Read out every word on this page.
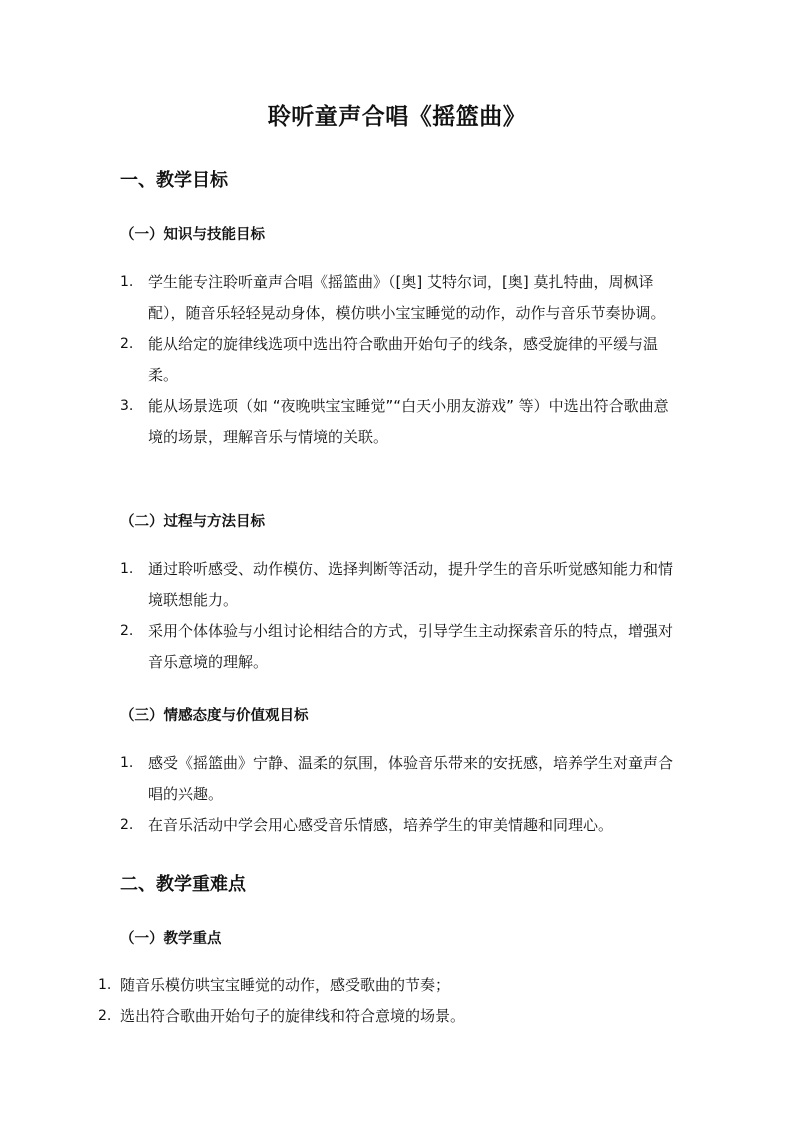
聆听童声合唱《摇篮曲》
一、教学目标
（一）知识与技能目标
1. 学生能专注聆听童声合唱《摇篮曲》（[奥] 艾特尔词，[奥] 莫扎特曲，周枫译配），随音乐轻轻晃动身体，模仿哄小宝宝睡觉的动作，动作与音乐节奏协调。
2. 能从给定的旋律线选项中选出符合歌曲开始句子的线条，感受旋律的平缓与温柔。
3. 能从场景选项（如 “夜晚哄宝宝睡觉”“白天小朋友游戏” 等）中选出符合歌曲意境的场景，理解音乐与情境的关联。
（二）过程与方法目标
1. 通过聆听感受、动作模仿、选择判断等活动，提升学生的音乐听觉感知能力和情境联想能力。
2. 采用个体体验与小组讨论相结合的方式，引导学生主动探索音乐的特点，增强对音乐意境的理解。
（三）情感态度与价值观目标
1. 感受《摇篮曲》宁静、温柔的氛围，体验音乐带来的安抚感，培养学生对童声合唱的兴趣。
2. 在音乐活动中学会用心感受音乐情感，培养学生的审美情趣和同理心。
二、教学重难点
（一）教学重点
1. 随音乐模仿哄宝宝睡觉的动作，感受歌曲的节奏；
2. 选出符合歌曲开始句子的旋律线和符合意境的场景。
